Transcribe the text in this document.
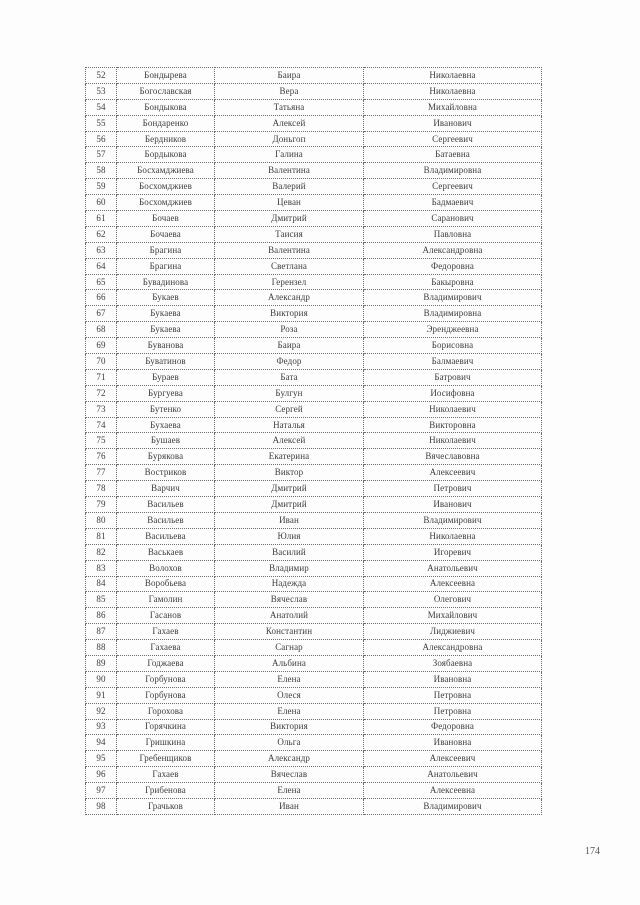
52	Бондырева	Баира	Николаевна
53	Богославская	Вера	Николаевна
54	Бондыкова	Татьяна	Михайловна
55	Бондаренко	Алексей	Иванович
56	Бердников	Доньгоп	Сергеевич
57	Бордыкова	Галина	Батаевна
58	Босхамджиева	Валентина	Владимировна
59	Босхомджиев	Валерий	Сергеевич
60	Босхомджиев	Цеван	Бадмаевич
61	Бочаев	Дмитрий	Саранович
62	Бочаева	Таисия	Павловна
63	Брагина	Валентина	Александровна
64	Брагина	Светлана	Федоровна
65	Бувадинова	Герензел	Бакыровна
66	Букаев	Александр	Владимирович
67	Букаева	Виктория	Владимировна
68	Букаева	Роза	Эренджеевна
69	Буванова	Баира	Борисовна
70	Буватинов	Федор	Балмаевич
71	Бураев	Бата	Батрович
72	Бургуева	Булгун	Иосифовна
73	Бутенко	Сергей	Николаевич
74	Бухаева	Наталья	Викторовна
75	Бушаев	Алексей	Николаевич
76	Бурякова	Екатерина	Вячеславовна
77	Востриков	Виктор	Алексеевич
78	Варчич	Дмитрий	Петрович
79	Васильев	Дмитрий	Иванович
80	Васильев	Иван	Владимирович
81	Васильева	Юлия	Николаевна
82	Васькаев	Василий	Игоревич
83	Волохов	Владимир	Анатольевич
84	Воробьева	Надежда	Алексеевна
85	Гамолин	Вячеслав	Олегович
86	Гасанов	Анатолий	Михайлович
87	Гахаев	Константин	Лиджиевич
88	Гахаева	Сагнар	Александровна
89	Годжаева	Альбина	Зоябаевна
90	Горбунова	Елена	Ивановна
91	Горбунова	Олеся	Петровна
92	Горохова	Елена	Петровна
93	Горячкина	Виктория	Федоровна
94	Гришкина	Ольга	Ивановна
95	Гребенщиков	Александр	Алексеевич
96	Гахаев	Вячеслав	Анатольевич
97	Грибенова	Елена	Алексеевна
98	Грачьков	Иван	Владимирович
174
